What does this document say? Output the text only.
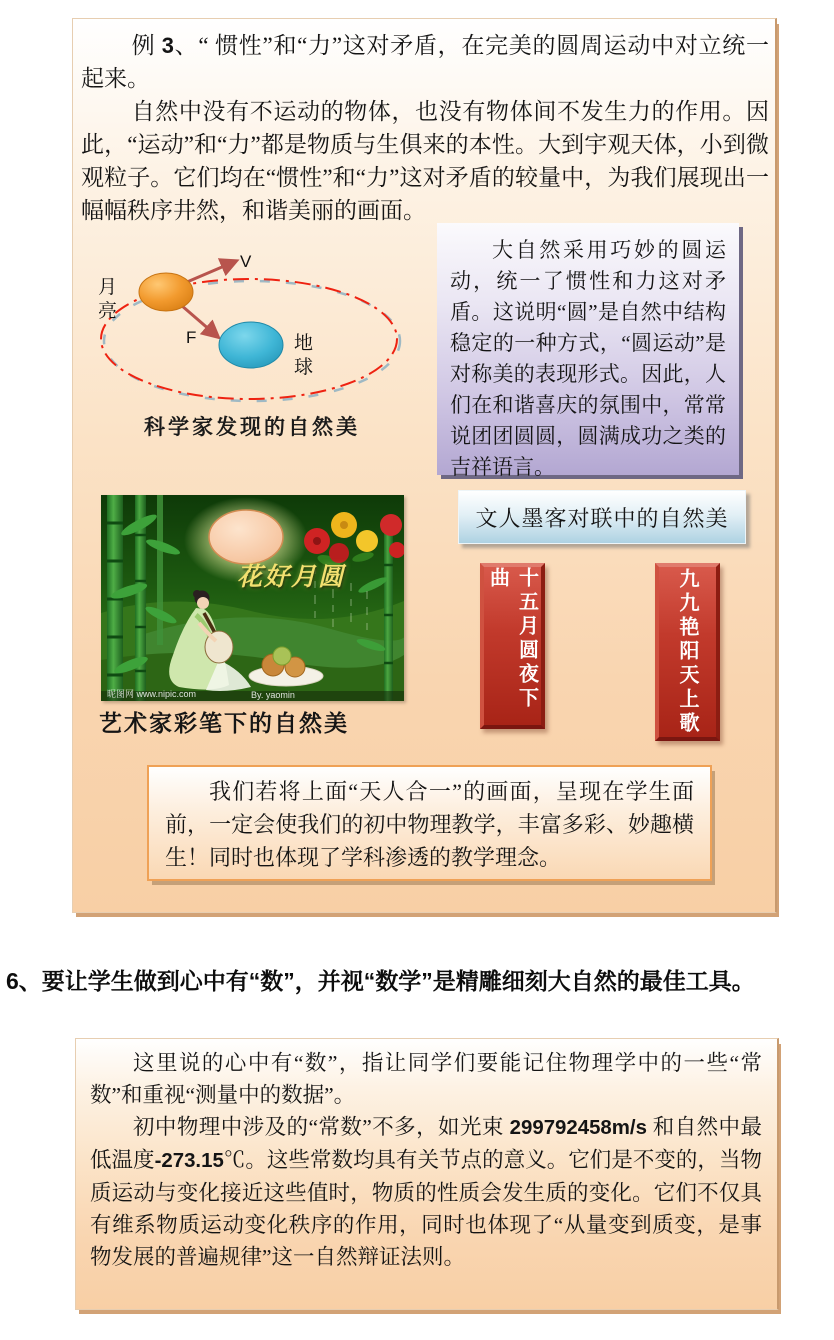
例 3、“ 惯性”和“力”这对矛盾，在完美的圆周运动中对立统一起来。

自然中没有不运动的物体，也没有物体间不发生力的作用。因此，“运动”和“力”都是物质与生俱来的本性。大到宇观天体，小到微观粒子。它们均在“惯性”和“力”这对矛盾的较量中，为我们展现出一幅幅秩序井然，和谐美丽的画面。

V
F
月
亮
地
球
科学家发现的自然美

大自然采用巧妙的圆运动，统一了惯性和力这对矛盾。这说明“圆”是自然中结构稳定的一种方式，“圆运动”是对称美的表现形式。因此，人们在和谐喜庆的氛围中，常常说团团圆圆，圆满成功之类的吉祥语言。

文人墨客对联中的自然美
花好月圆
昵图网 www.nipic.com	By. yaomin
艺术家彩笔下的自然美
十五月圆夜下曲	九九艳阳天上歌

我们若将上面“天人合一”的画面，呈现在学生面前，一定会使我们的初中物理教学，丰富多彩、妙趣横生！同时也体现了学科渗透的教学理念。

6、要让学生做到心中有“数”，并视“数学”是精雕细刻大自然的最佳工具。

这里说的心中有“数”，指让同学们要能记住物理学中的一些“常数”和重视“测量中的数据”。

初中物理中涉及的“常数”不多，如光束 299792458m/s 和自然中最低温度-273.15℃。这些常数均具有关节点的意义。它们是不变的，当物质运动与变化接近这些值时，物质的性质会发生质的变化。它们不仅具有维系物质运动变化秩序的作用，同时也体现了“从量变到质变，是事物发展的普遍规律”这一自然辩证法则。
